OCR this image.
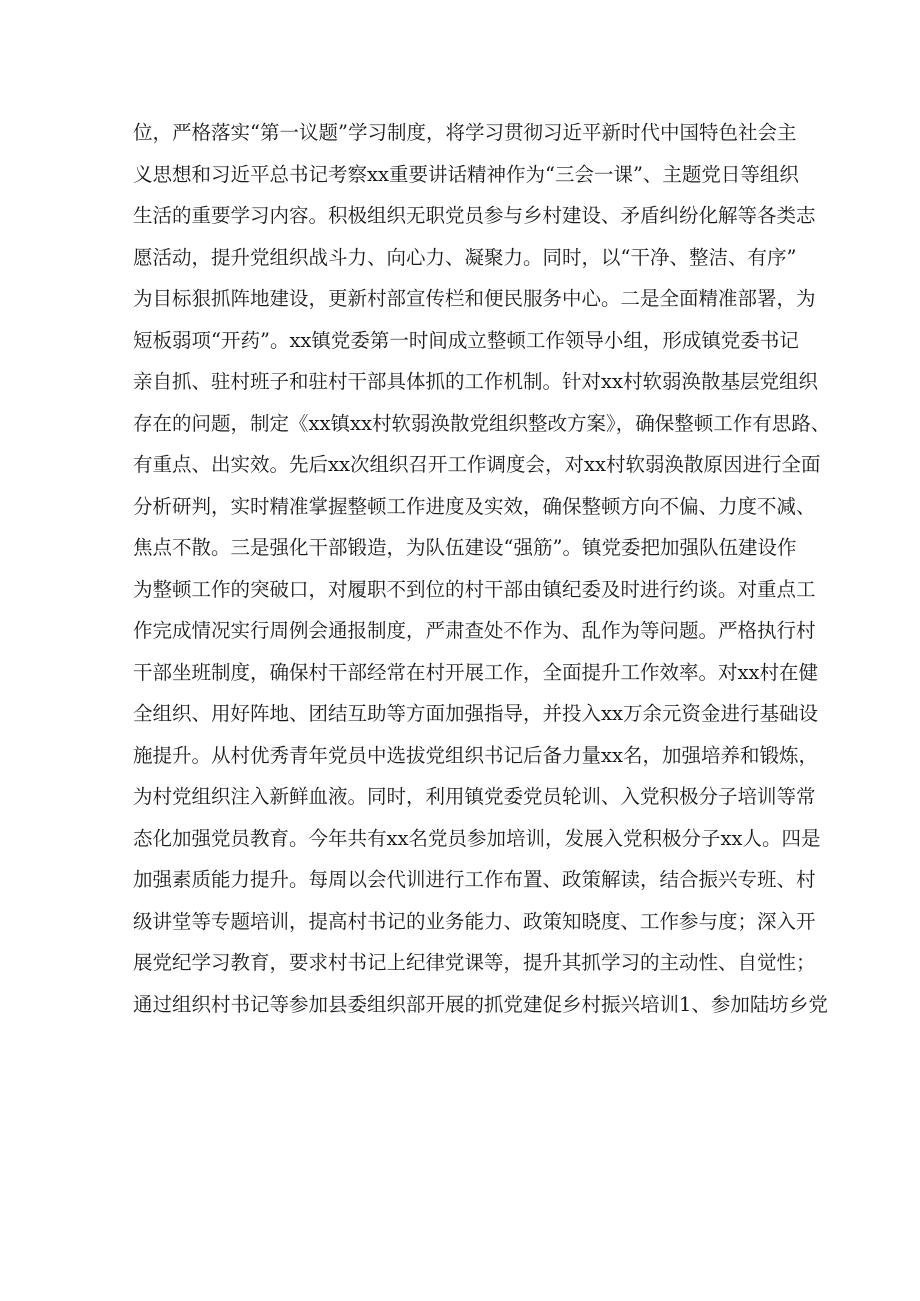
位，严格落实“第一议题”学习制度，将学习贯彻习近平新时代中国特色社会主
义思想和习近平总书记考察xx重要讲话精神作为“三会一课”、主题党日等组织
生活的重要学习内容。积极组织无职党员参与乡村建设、矛盾纠纷化解等各类志
愿活动，提升党组织战斗力、向心力、凝聚力。同时，以“干净、整洁、有序”
为目标狠抓阵地建设，更新村部宣传栏和便民服务中心。二是全面精准部署，为
短板弱项“开药”。xx镇党委第一时间成立整顿工作领导小组，形成镇党委书记
亲自抓、驻村班子和驻村干部具体抓的工作机制。针对xx村软弱涣散基层党组织
存在的问题，制定《xx镇xx村软弱涣散党组织整改方案》，确保整顿工作有思路、
有重点、出实效。先后xx次组织召开工作调度会，对xx村软弱涣散原因进行全面
分析研判，实时精准掌握整顿工作进度及实效，确保整顿方向不偏、力度不减、
焦点不散。三是强化干部锻造，为队伍建设“强筋”。镇党委把加强队伍建设作
为整顿工作的突破口，对履职不到位的村干部由镇纪委及时进行约谈。对重点工
作完成情况实行周例会通报制度，严肃查处不作为、乱作为等问题。严格执行村
干部坐班制度，确保村干部经常在村开展工作，全面提升工作效率。对xx村在健
全组织、用好阵地、团结互助等方面加强指导，并投入xx万余元资金进行基础设
施提升。从村优秀青年党员中选拔党组织书记后备力量xx名，加强培养和锻炼，
为村党组织注入新鲜血液。同时，利用镇党委党员轮训、入党积极分子培训等常
态化加强党员教育。今年共有xx名党员参加培训，发展入党积极分子xx人。四是
加强素质能力提升。每周以会代训进行工作布置、政策解读，结合振兴专班、村
级讲堂等专题培训，提高村书记的业务能力、政策知晓度、工作参与度；深入开
展党纪学习教育，要求村书记上纪律党课等，提升其抓学习的主动性、自觉性；
通过组织村书记等参加县委组织部开展的抓党建促乡村振兴培训1、参加陆坊乡党
